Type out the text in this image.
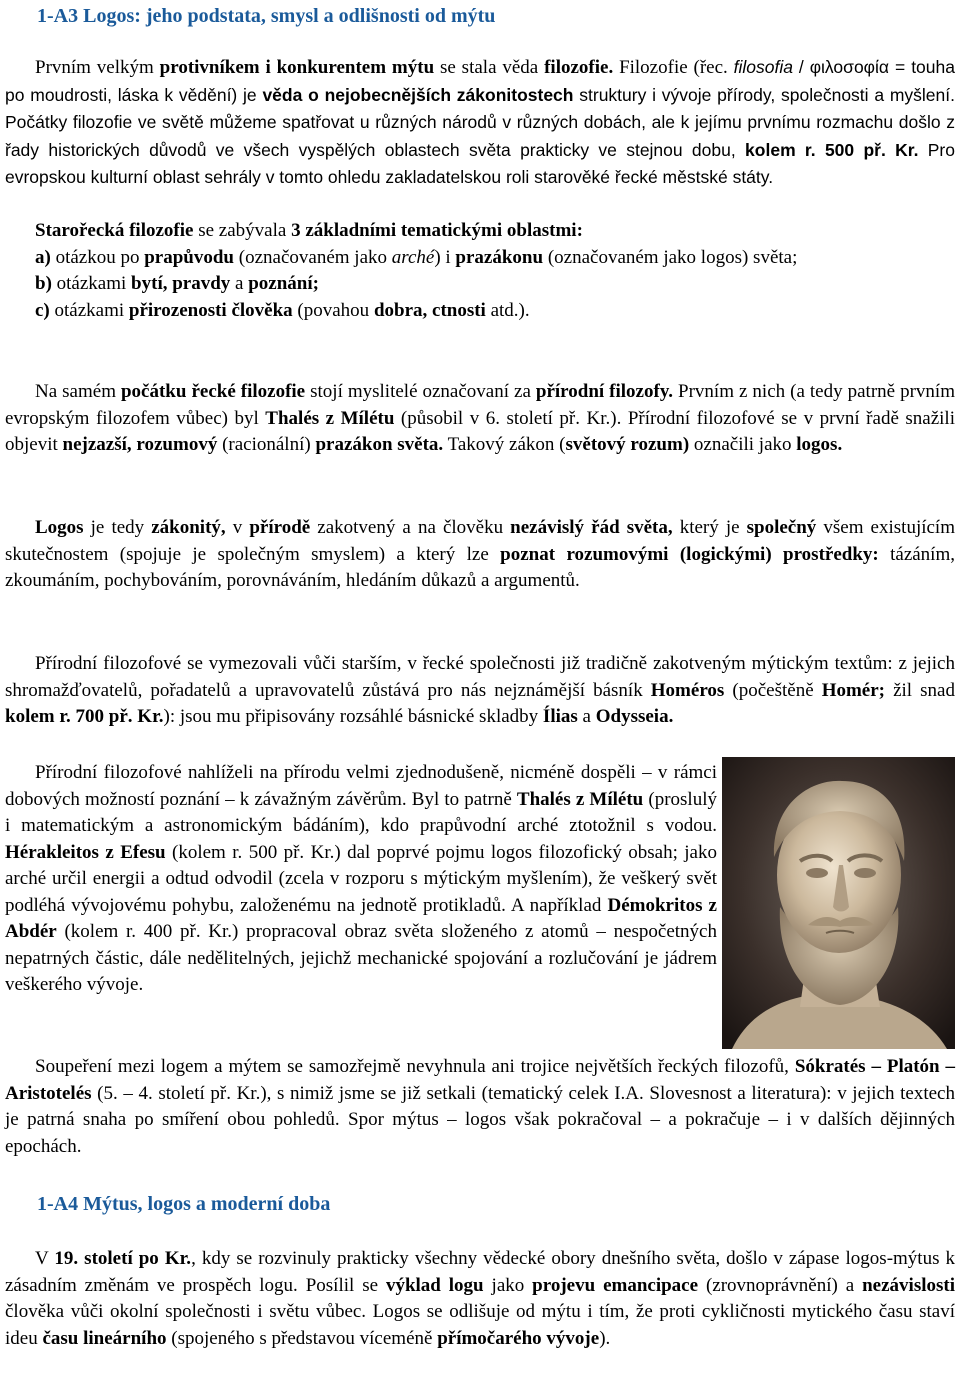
1-A3 Logos: jeho podstata, smysl a odlišnosti od mýtu

Prvním velkým protivníkem i konkurentem mýtu se stala věda filozofie. Filozofie (řec. filosofia / φιλοσοφία = touha po moudrosti, láska k vědění) je věda o nejobecnějších zákonitostech struktury i vývoje přírody, společnosti a myšlení. Počátky filozofie ve světě můžeme spatřovat u různých národů v různých dobách, ale k jejímu prvnímu rozmachu došlo z řady historických důvodů ve všech vyspělých oblastech světa prakticky ve stejnou dobu, kolem r. 500 př. Kr. Pro evropskou kulturní oblast sehrály v tomto ohledu zakladatelskou roli starověké řecké městské státy.

Starořecká filozofie se zabývala 3 základními tematickými oblastmi:

a) otázkou po prapůvodu (označovaném jako arché) i prazákonu (označovaném jako logos) světa;

b) otázkami bytí, pravdy a poznání;

c) otázkami přirozenosti člověka (povahou dobra, ctnosti atd.).

Na samém počátku řecké filozofie stojí myslitelé označovaní za přírodní filozofy. Prvním z nich (a tedy patrně prvním evropským filozofem vůbec) byl Thalés z Mílétu (působil v 6. století př. Kr.). Přírodní filozofové se v první řadě snažili objevit nejzazší, rozumový (racionální) prazákon světa. Takový zákon (světový rozum) označili jako logos.

Logos je tedy zákonitý, v přírodě zakotvený a na člověku nezávislý řád světa, který je společný všem existujícím skutečnostem (spojuje je společným smyslem) a který lze poznat rozumovými (logickými) prostředky: tázáním, zkoumáním, pochybováním, porovnáváním, hledáním důkazů a argumentů.

Přírodní filozofové se vymezovali vůči starším, v řecké společnosti již tradičně zakotveným mýtickým textům: z jejich shromažďovatelů, pořadatelů a upravovatelů zůstává pro nás nejznámější básník Homéros (počeštěně Homér; žil snad kolem r. 700 př. Kr.): jsou mu připisovány rozsáhlé básnické skladby Ílias a Odysseia.

Přírodní filozofové nahlíželi na přírodu velmi zjednodušeně, nicméně dospěli – v rámci dobových možností poznání – k závažným závěrům. Byl to patrně Thalés z Mílétu (proslulý i matematickým a astronomickým bádáním), kdo prapůvodní arché ztotožnil s vodou. Hérakleitos z Efesu (kolem r. 500 př. Kr.) dal poprvé pojmu logos filozofický obsah; jako arché určil energii a odtud odvodil (zcela v rozporu s mýtickým myšlením), že veškerý svět podléhá vývojovému pohybu, založenému na jednotě protikladů. A například Démokritos z Abdér (kolem r. 400 př. Kr.) propracoval obraz světa složeného z atomů – nespočetných nepatrných částic, dále nedělitelných, jejichž mechanické spojování a rozlučování je jádrem veškerého vývoje.

Soupeření mezi logem a mýtem se samozřejmě nevyhnula ani trojice největších řeckých filozofů, Sókratés – Platón – Aristotelés (5. – 4. století př. Kr.), s nimiž jsme se již setkali (tematický celek I.A. Slovesnost a literatura): v jejich textech je patrná snaha po smíření obou pohledů. Spor mýtus – logos však pokračoval – a pokračuje – i v dalších dějinných epochách.

1-A4 Mýtus, logos a moderní doba

V 19. století po Kr., kdy se rozvinuly prakticky všechny vědecké obory dnešního světa, došlo v zápase logos-mýtus k zásadním změnám ve prospěch logu. Posílil se výklad logu jako projevu emancipace (zrovnoprávnění) a nezávislosti člověka vůči okolní společnosti i světu vůbec. Logos se odlišuje od mýtu i tím, že proti cykličnosti mytického času staví ideu času lineárního (spojeného s představou víceméně přímočarého vývoje).
